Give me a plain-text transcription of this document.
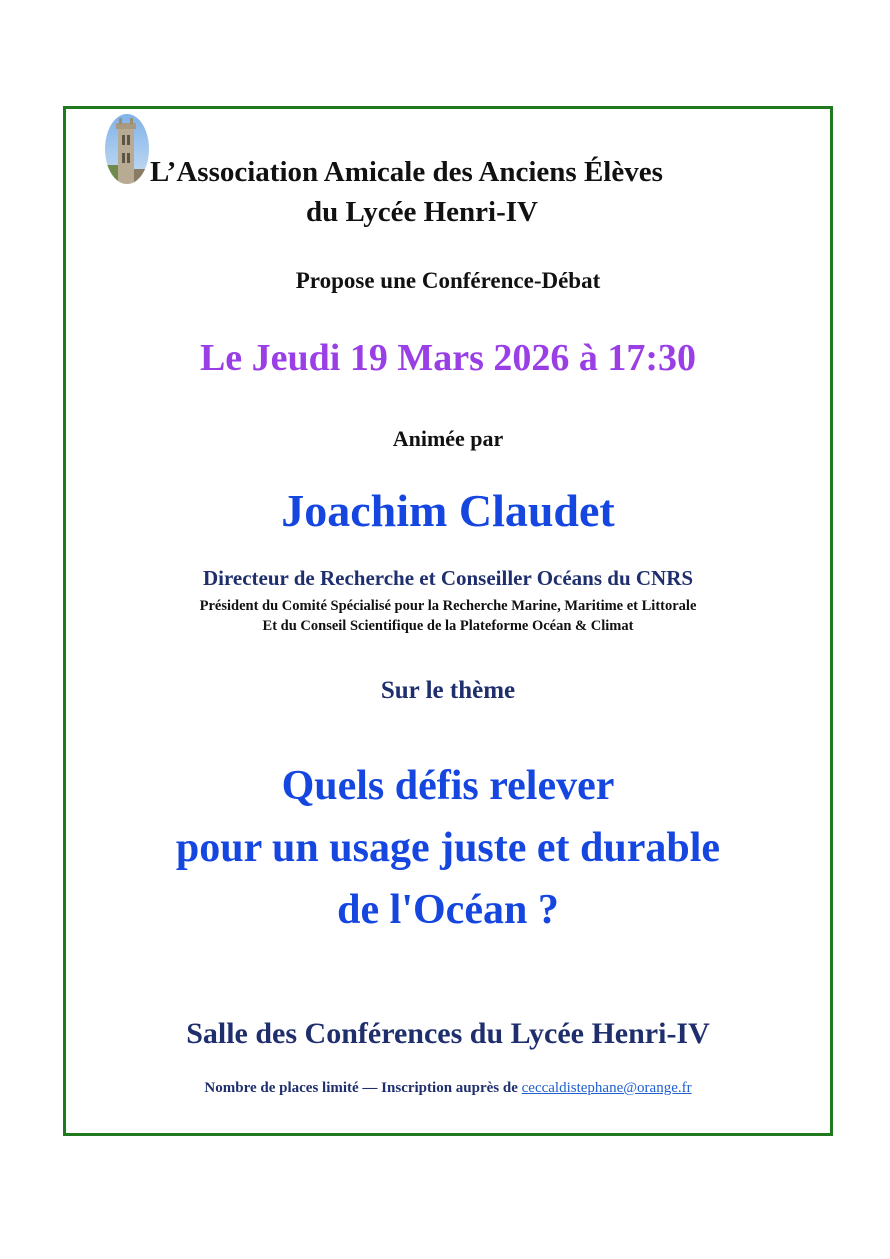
L’Association Amicale des Anciens Élèves
du Lycée Henri-IV
Propose une Conférence-Débat
Le Jeudi 19 Mars 2026 à 17:30
Animée par
Joachim Claudet
Directeur de Recherche et Conseiller Océans du CNRS
Président du Comité Spécialisé pour la Recherche Marine, Maritime et Littorale
Et du Conseil Scientifique de la Plateforme Océan & Climat
Sur le thème
Quels défis relever
pour un usage juste et durable
de l'Océan ?
Salle des Conférences du Lycée Henri-IV
Nombre de places limité — Inscription auprès de ceccaldistephane@orange.fr
